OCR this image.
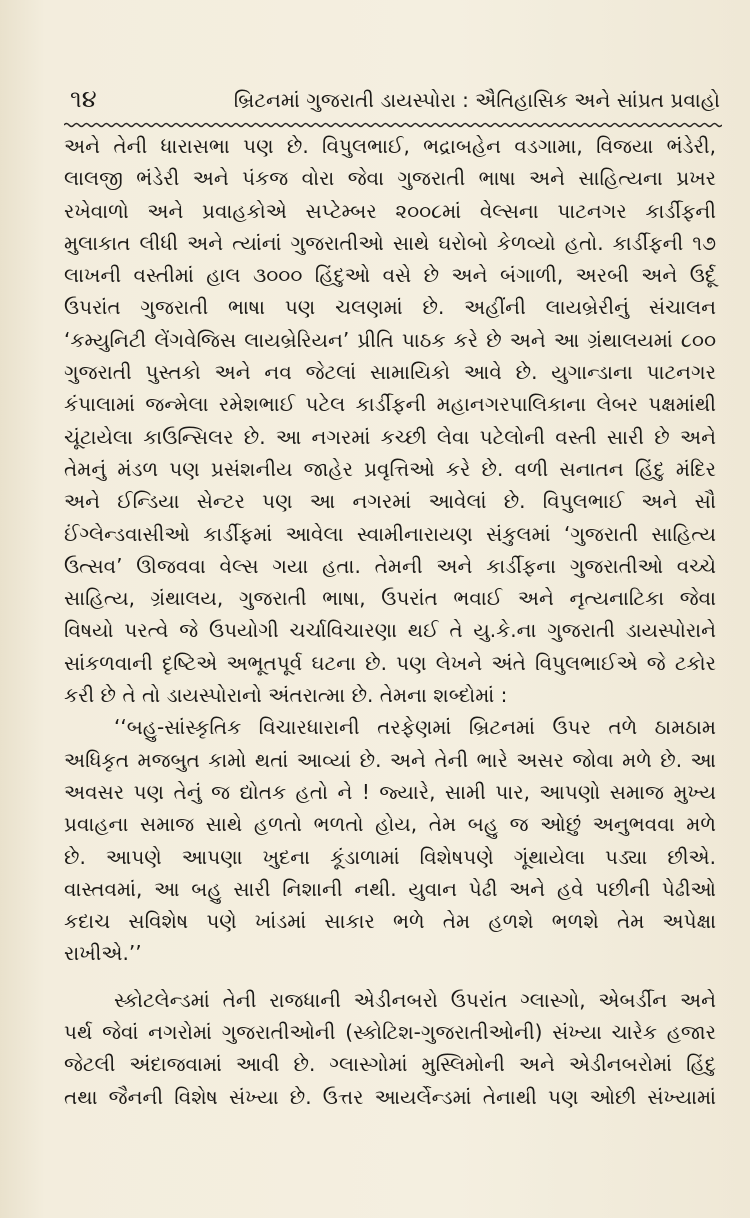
૧૪	બ્રિટનમાં ગુજરાતી ડાયસ્પોરા : ઐતિહાસિક અને સાંપ્રત પ્રવાહો
અને તેની ધારાસભા પણ છે. વિપુલભાઈ, ભદ્રાબહેન વડગામા, વિજયા ભંડેરી,
લાલજી ભંડેરી અને પંકજ વોરા જેવા ગુજરાતી ભાષા અને સાહિત્યના પ્રખર
રખેવાળો અને પ્રવાહકોએ સપ્ટેમ્બર ૨૦૦૮માં વેલ્સના પાટનગર કાર્ડીફની
મુલાકાત લીધી અને ત્યાંનાં ગુજરાતીઓ સાથે ઘરોબો કેળવ્યો હતો. કાર્ડીફની ૧૭
લાખની વસ્તીમાં હાલ ૩૦૦૦ હિંદુઓ વસે છે અને બંગાળી, અરબી અને ઉર્દૂ
ઉપરાંત ગુજરાતી ભાષા પણ ચલણમાં છે. અહીંની લાયબ્રેરીનું સંચાલન
‘કમ્યુનિટી લેંગવેજિસ લાયબ્રેરિયન’ પ્રીતિ પાઠક કરે છે અને આ ગ્રંથાલયમાં ૮૦૦
ગુજરાતી પુસ્તકો અને નવ જેટલાં સામાયિકો આવે છે. યુગાન્ડાના પાટનગર
કંપાલામાં જન્મેલા રમેશભાઈ પટેલ કાર્ડીફની મહાનગરપાલિકાના લેબર પક્ષમાંથી
ચૂંટાયેલા કાઉન્સિલર છે. આ નગરમાં કચ્છી લેવા પટેલોની વસ્તી સારી છે અને
તેમનું મંડળ પણ પ્રસંશનીય જાહેર પ્રવૃત્તિઓ કરે છે. વળી સનાતન હિંદુ મંદિર
અને ઈન્ડિયા સેન્ટર પણ આ નગરમાં આવેલાં છે. વિપુલભાઈ અને સૌ
ઈંગ્લેન્ડવાસીઓ કાર્ડીફમાં આવેલા સ્વામીનારાયણ સંકુલમાં ‘ગુજરાતી સાહિત્ય
ઉત્સવ’ ઊજવવા વેલ્સ ગયા હતા. તેમની અને કાર્ડીફના ગુજરાતીઓ વચ્ચે
સાહિત્ય, ગ્રંથાલય, ગુજરાતી ભાષા, ઉપરાંત ભવાઈ અને નૃત્યનાટિકા જેવા
વિષયો પરત્વે જે ઉપયોગી ચર્ચાવિચારણા થઈ તે યુ.કે.ના ગુજરાતી ડાયસ્પોરાને
સાંકળવાની દૃષ્ટિએ અભૂતપૂર્વ ઘટના છે. પણ લેખને અંતે વિપુલભાઈએ જે ટકોર
કરી છે તે તો ડાયસ્પોરાનો અંતરાત્મા છે. તેમના શબ્દોમાં :
‘‘બહુ-સાંસ્કૃતિક વિચારધારાની તરફેણમાં બ્રિટનમાં ઉપર તળે ઠામઠામ
અધિકૃત મજબુત કામો થતાં આવ્યાં છે. અને તેની ભારે અસર જોવા મળે છે. આ
અવસર પણ તેનું જ દ્યોતક હતો ને ! જ્યારે, સામી પાર, આપણો સમાજ મુખ્ય
પ્રવાહના સમાજ સાથે હળતો ભળતો હોય, તેમ બહુ જ ઓછું અનુભવવા મળે
છે. આપણે આપણા ખુદના કૂંડાળામાં વિશેષપણે ગૂંથાયેલા પડ્યા છીએ.
વાસ્તવમાં, આ બહુ સારી નિશાની નથી. યુવાન પેઢી અને હવે પછીની પેઢીઓ
કદાચ સવિશેષ પણે ખાંડમાં સાકાર ભળે તેમ હળશે ભળશે તેમ અપેક્ષા
રાખીએ.’’
સ્કોટલેન્ડમાં તેની રાજધાની એડીનબરો ઉપરાંત ગ્લાસ્ગો, એબર્ડીન અને
પર્થ જેવાં નગરોમાં ગુજરાતીઓની (સ્કોટિશ-ગુજરાતીઓની) સંખ્યા ચારેક હજાર
જેટલી અંદાજવામાં આવી છે. ગ્લાસ્ગોમાં મુસ્લિમોની અને એડીનબરોમાં હિંદુ
તથા જૈનની વિશેષ સંખ્યા છે. ઉત્તર આયર્લેન્ડમાં તેનાથી પણ ઓછી સંખ્યામાં
